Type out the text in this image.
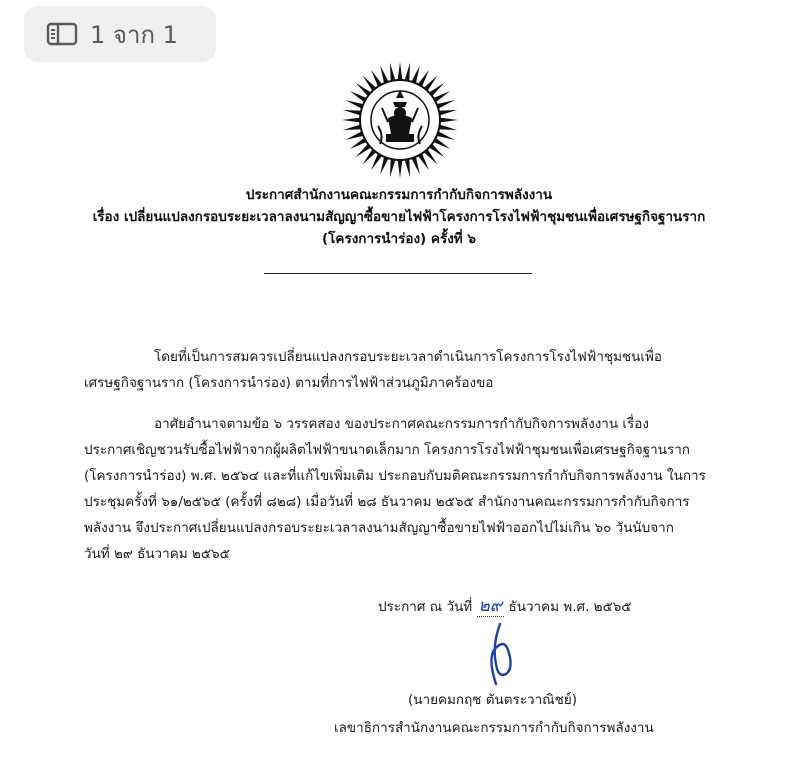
1 จาก 1
ประกาศสำนักงานคณะกรรมการกำกับกิจการพลังงาน
เรื่อง เปลี่ยนแปลงกรอบระยะเวลาลงนามสัญญาซื้อขายไฟฟ้าโครงการโรงไฟฟ้าชุมชนเพื่อเศรษฐกิจฐานราก
(โครงการนำร่อง) ครั้งที่ ๖
โดยที่เป็นการสมควรเปลี่ยนแปลงกรอบระยะเวลาดำเนินการโครงการโรงไฟฟ้าชุมชนเพื่อ
เศรษฐกิจฐานราก (โครงการนำร่อง) ตามที่การไฟฟ้าส่วนภูมิภาคร้องขอ
อาศัยอำนาจตามข้อ ๖ วรรคสอง ของประกาศคณะกรรมการกำกับกิจการพลังงาน เรื่อง
ประกาศเชิญชวนรับซื้อไฟฟ้าจากผู้ผลิตไฟฟ้าขนาดเล็กมาก โครงการโรงไฟฟ้าชุมชนเพื่อเศรษฐกิจฐานราก
(โครงการนำร่อง) พ.ศ. ๒๕๖๔ และที่แก้ไขเพิ่มเติม ประกอบกับมติคณะกรรมการกำกับกิจการพลังงาน ในการ
ประชุมครั้งที่ ๖๑/๒๕๖๕ (ครั้งที่ ๘๒๘) เมื่อวันที่ ๒๘ ธันวาคม ๒๕๖๕ สำนักงานคณะกรรมการกำกับกิจการ
พลังงาน จึงประกาศเปลี่ยนแปลงกรอบระยะเวลาลงนามสัญญาซื้อขายไฟฟ้าออกไปไม่เกิน ๖๐ วันนับจาก
วันที่ ๒๙ ธันวาคม ๒๕๖๕
ประกาศ ณ วันที่ ๒๙ ธันวาคม พ.ศ. ๒๕๖๕
(นายคมกฤช ตันตระวาณิชย์)
เลขาธิการสำนักงานคณะกรรมการกำกับกิจการพลังงาน
